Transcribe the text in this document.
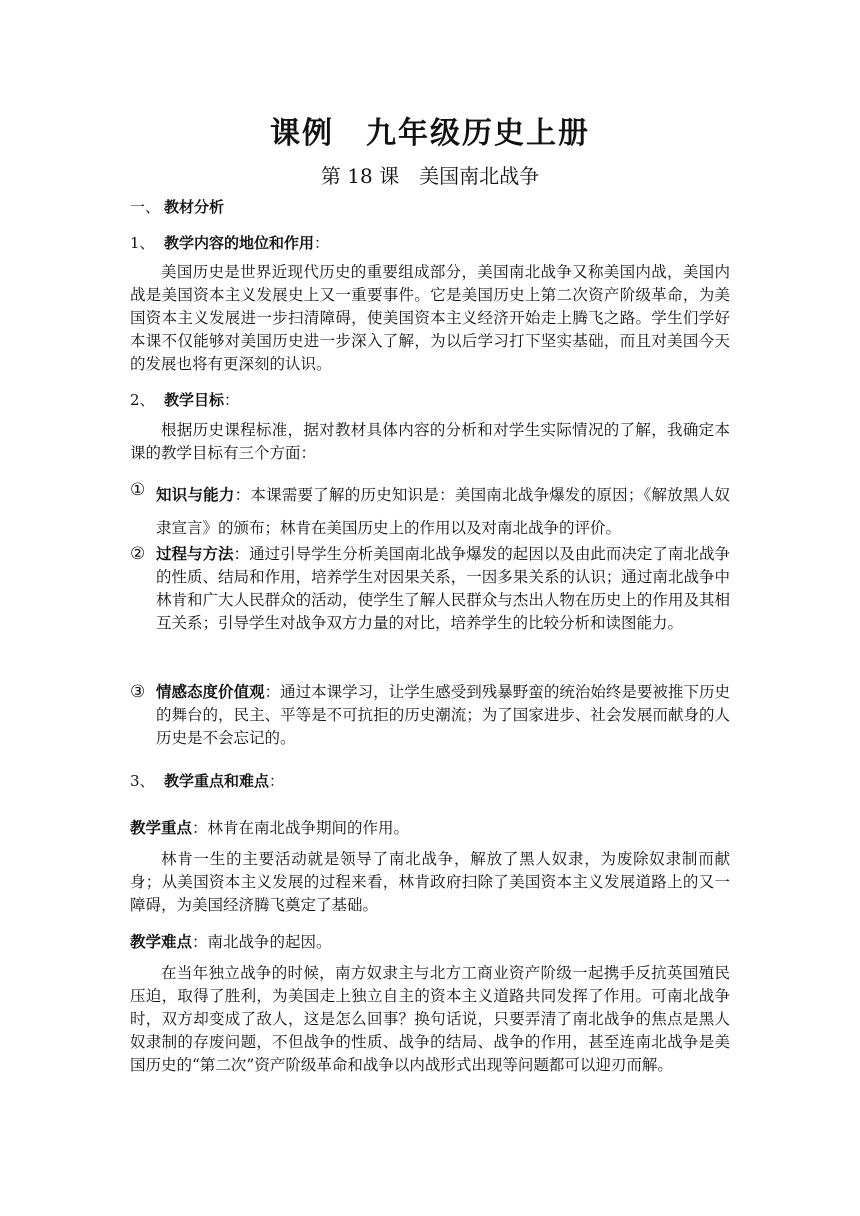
课例　九年级历史上册
第 18 课　美国南北战争
一、 教材分析
1、 教学内容的地位和作用：
美国历史是世界近现代历史的重要组成部分，美国南北战争又称美国内战，美国内战是美国资本主义发展史上又一重要事件。它是美国历史上第二次资产阶级革命，为美国资本主义发展进一步扫清障碍，使美国资本主义经济开始走上腾飞之路。学生们学好本课不仅能够对美国历史进一步深入了解，为以后学习打下坚实基础，而且对美国今天的发展也将有更深刻的认识。
2、 教学目标：
根据历史课程标准，据对教材具体内容的分析和对学生实际情况的了解，我确定本课的教学目标有三个方面：
① 知识与能力：本课需要了解的历史知识是：美国南北战争爆发的原因；《解放黑人奴隶宣言》的颁布；林肯在美国历史上的作用以及对南北战争的评价。
② 过程与方法：通过引导学生分析美国南北战争爆发的起因以及由此而决定了南北战争的性质、结局和作用，培养学生对因果关系，一因多果关系的认识；通过南北战争中林肯和广大人民群众的活动，使学生了解人民群众与杰出人物在历史上的作用及其相互关系；引导学生对战争双方力量的对比，培养学生的比较分析和读图能力。
③ 情感态度价值观：通过本课学习，让学生感受到残暴野蛮的统治始终是要被推下历史的舞台的，民主、平等是不可抗拒的历史潮流；为了国家进步、社会发展而献身的人历史是不会忘记的。
3、 教学重点和难点：
教学重点：林肯在南北战争期间的作用。
林肯一生的主要活动就是领导了南北战争，解放了黑人奴隶，为废除奴隶制而献身；从美国资本主义发展的过程来看，林肯政府扫除了美国资本主义发展道路上的又一障碍，为美国经济腾飞奠定了基础。
教学难点：南北战争的起因。
在当年独立战争的时候，南方奴隶主与北方工商业资产阶级一起携手反抗英国殖民压迫，取得了胜利，为美国走上独立自主的资本主义道路共同发挥了作用。可南北战争时，双方却变成了敌人，这是怎么回事？换句话说，只要弄清了南北战争的焦点是黑人奴隶制的存废问题，不但战争的性质、战争的结局、战争的作用，甚至连南北战争是美国历史的“第二次”资产阶级革命和战争以内战形式出现等问题都可以迎刃而解。
